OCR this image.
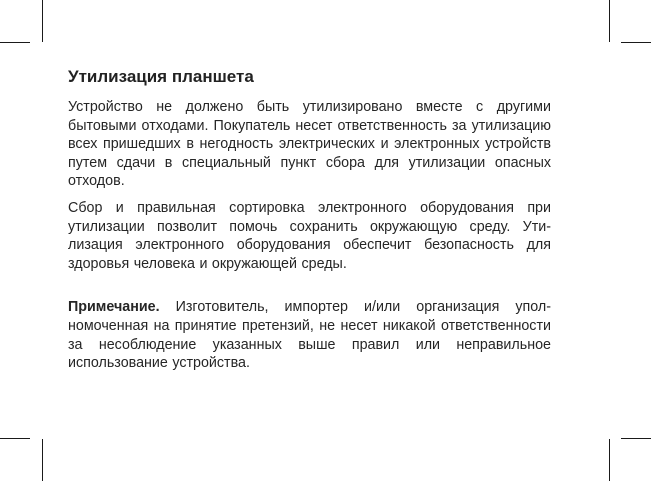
Утилизация планшета

Устройство не должено быть утилизировано вместе с другими бытовыми отходами. Покупатель несет ответственность за утилизацию всех пришедших в негодность электрических и электронных устройств путем сдачи в специальный пункт сбора для утилизации опасных отходов.

Сбор и правильная сортировка электронного оборудования при утилизации позволит помочь сохранить окружающую среду. Утилизация электронного оборудования обеспечит безопасность для здоровья человека и окружающей среды.

Примечание. Изготовитель, импортер и/или организация уполномоченная на принятие претензий, не несет никакой ответственности за несоблюдение указанных выше правил или неправильное использование устройства.
